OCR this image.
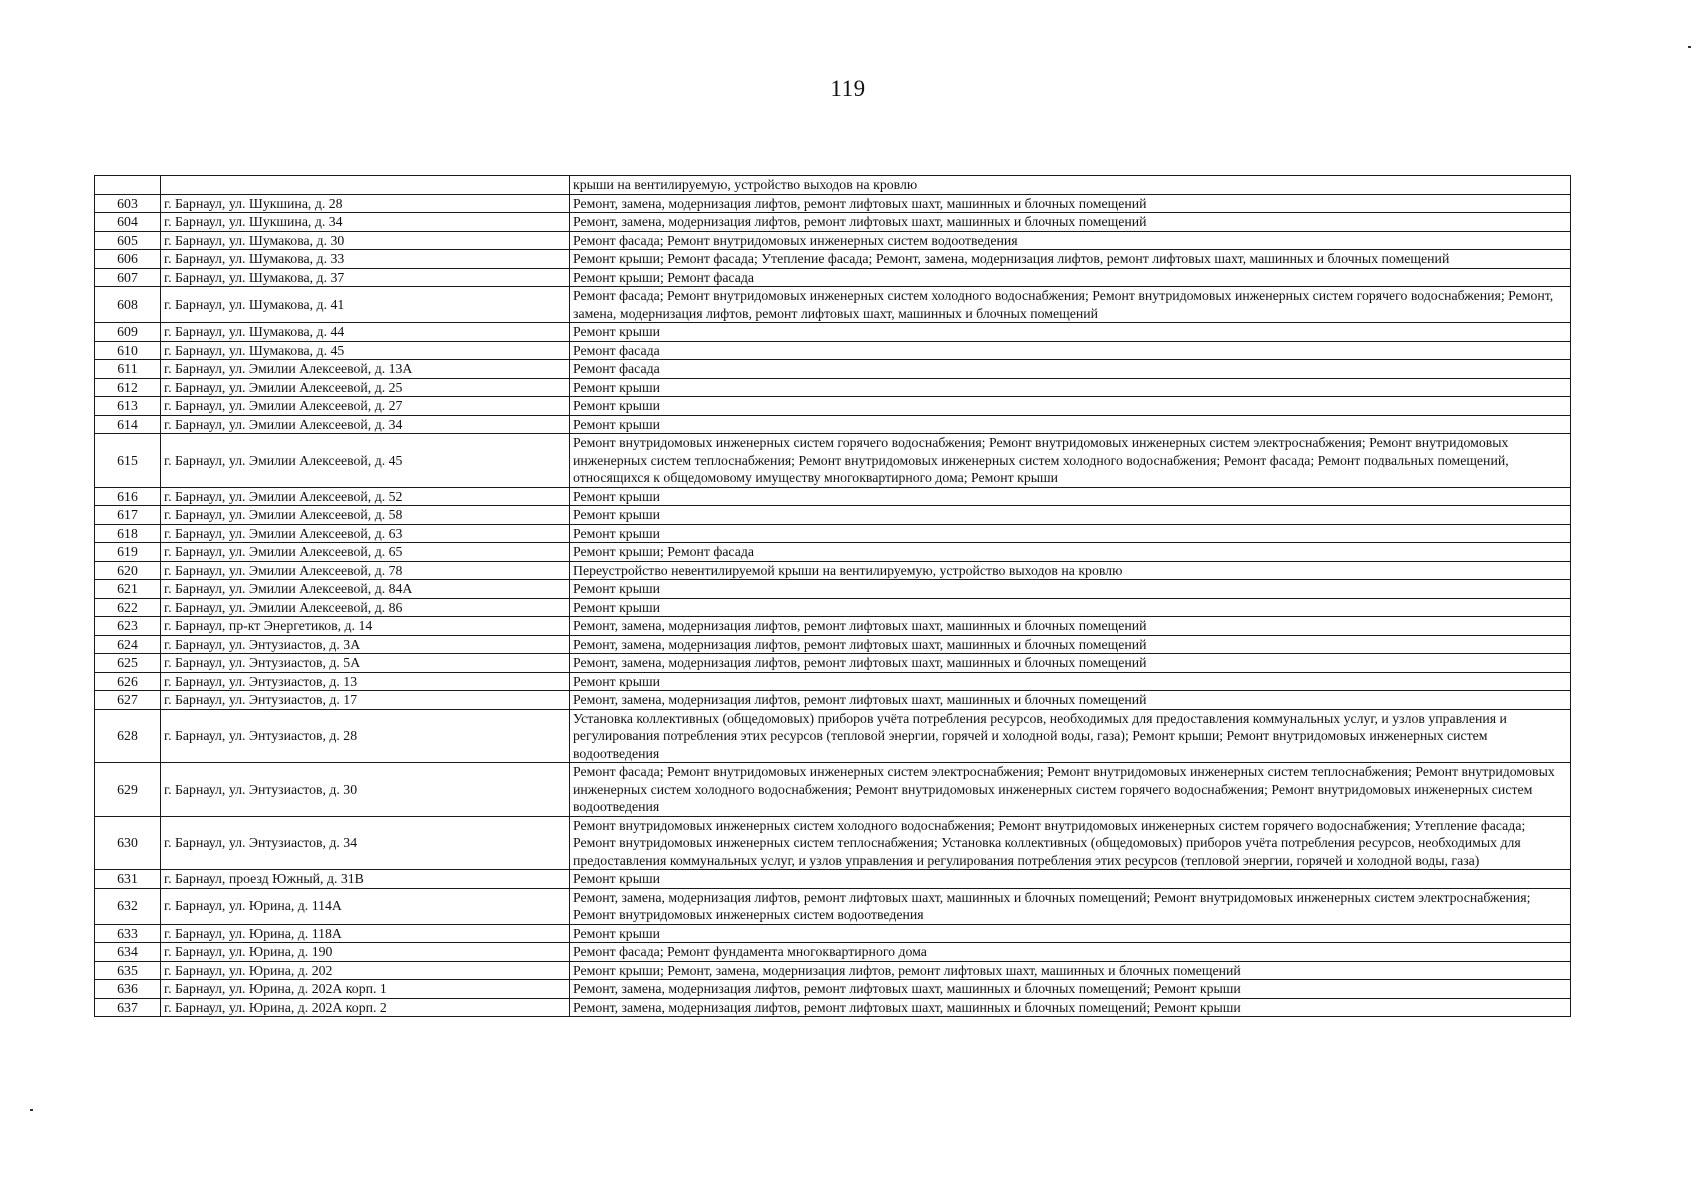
119
		крыши на вентилируемую, устройство выходов на кровлю
603	г. Барнаул, ул. Шукшина, д. 28	Ремонт, замена, модернизация лифтов, ремонт лифтовых шахт, машинных и блочных помещений
604	г. Барнаул, ул. Шукшина, д. 34	Ремонт, замена, модернизация лифтов, ремонт лифтовых шахт, машинных и блочных помещений
605	г. Барнаул, ул. Шумакова, д. 30	Ремонт фасада; Ремонт внутридомовых инженерных систем водоотведения
606	г. Барнаул, ул. Шумакова, д. 33	Ремонт крыши; Ремонт фасада; Утепление фасада; Ремонт, замена, модернизация лифтов, ремонт лифтовых шахт, машинных и блочных помещений
607	г. Барнаул, ул. Шумакова, д. 37	Ремонт крыши; Ремонт фасада
608	г. Барнаул, ул. Шумакова, д. 41	Ремонт фасада; Ремонт внутридомовых инженерных систем холодного водоснабжения; Ремонт внутридомовых инженерных систем горячего водоснабжения; Ремонт, замена, модернизация лифтов, ремонт лифтовых шахт, машинных и блочных помещений
609	г. Барнаул, ул. Шумакова, д. 44	Ремонт крыши
610	г. Барнаул, ул. Шумакова, д. 45	Ремонт фасада
611	г. Барнаул, ул. Эмилии Алексеевой, д. 13А	Ремонт фасада
612	г. Барнаул, ул. Эмилии Алексеевой, д. 25	Ремонт крыши
613	г. Барнаул, ул. Эмилии Алексеевой, д. 27	Ремонт крыши
614	г. Барнаул, ул. Эмилии Алексеевой, д. 34	Ремонт крыши
615	г. Барнаул, ул. Эмилии Алексеевой, д. 45	Ремонт внутридомовых инженерных систем горячего водоснабжения; Ремонт внутридомовых инженерных систем электроснабжения; Ремонт внутридомовых инженерных систем теплоснабжения; Ремонт внутридомовых инженерных систем холодного водоснабжения; Ремонт фасада; Ремонт подвальных помещений, относящихся к общедомовому имуществу многоквартирного дома; Ремонт крыши
616	г. Барнаул, ул. Эмилии Алексеевой, д. 52	Ремонт крыши
617	г. Барнаул, ул. Эмилии Алексеевой, д. 58	Ремонт крыши
618	г. Барнаул, ул. Эмилии Алексеевой, д. 63	Ремонт крыши
619	г. Барнаул, ул. Эмилии Алексеевой, д. 65	Ремонт крыши; Ремонт фасада
620	г. Барнаул, ул. Эмилии Алексеевой, д. 78	Переустройство невентилируемой крыши на вентилируемую, устройство выходов на кровлю
621	г. Барнаул, ул. Эмилии Алексеевой, д. 84А	Ремонт крыши
622	г. Барнаул, ул. Эмилии Алексеевой, д. 86	Ремонт крыши
623	г. Барнаул, пр-кт Энергетиков, д. 14	Ремонт, замена, модернизация лифтов, ремонт лифтовых шахт, машинных и блочных помещений
624	г. Барнаул, ул. Энтузиастов, д. 3А	Ремонт, замена, модернизация лифтов, ремонт лифтовых шахт, машинных и блочных помещений
625	г. Барнаул, ул. Энтузиастов, д. 5А	Ремонт, замена, модернизация лифтов, ремонт лифтовых шахт, машинных и блочных помещений
626	г. Барнаул, ул. Энтузиастов, д. 13	Ремонт крыши
627	г. Барнаул, ул. Энтузиастов, д. 17	Ремонт, замена, модернизация лифтов, ремонт лифтовых шахт, машинных и блочных помещений
628	г. Барнаул, ул. Энтузиастов, д. 28	Установка коллективных (общедомовых) приборов учёта потребления ресурсов, необходимых для предоставления коммунальных услуг, и узлов управления и регулирования потребления этих ресурсов (тепловой энергии, горячей и холодной воды, газа); Ремонт крыши; Ремонт внутридомовых инженерных систем водоотведения
629	г. Барнаул, ул. Энтузиастов, д. 30	Ремонт фасада; Ремонт внутридомовых инженерных систем электроснабжения; Ремонт внутридомовых инженерных систем теплоснабжения; Ремонт внутридомовых инженерных систем холодного водоснабжения; Ремонт внутридомовых инженерных систем горячего водоснабжения; Ремонт внутридомовых инженерных систем водоотведения
630	г. Барнаул, ул. Энтузиастов, д. 34	Ремонт внутридомовых инженерных систем холодного водоснабжения; Ремонт внутридомовых инженерных систем горячего водоснабжения; Утепление фасада; Ремонт внутридомовых инженерных систем теплоснабжения; Установка коллективных (общедомовых) приборов учёта потребления ресурсов, необходимых для предоставления коммунальных услуг, и узлов управления и регулирования потребления этих ресурсов (тепловой энергии, горячей и холодной воды, газа)
631	г. Барнаул, проезд Южный, д. 31В	Ремонт крыши
632	г. Барнаул, ул. Юрина, д. 114А	Ремонт, замена, модернизация лифтов, ремонт лифтовых шахт, машинных и блочных помещений; Ремонт внутридомовых инженерных систем электроснабжения; Ремонт внутридомовых инженерных систем водоотведения
633	г. Барнаул, ул. Юрина, д. 118А	Ремонт крыши
634	г. Барнаул, ул. Юрина, д. 190	Ремонт фасада; Ремонт фундамента многоквартирного дома
635	г. Барнаул, ул. Юрина, д. 202	Ремонт крыши; Ремонт, замена, модернизация лифтов, ремонт лифтовых шахт, машинных и блочных помещений
636	г. Барнаул, ул. Юрина, д. 202А корп. 1	Ремонт, замена, модернизация лифтов, ремонт лифтовых шахт, машинных и блочных помещений; Ремонт крыши
637	г. Барнаул, ул. Юрина, д. 202А корп. 2	Ремонт, замена, модернизация лифтов, ремонт лифтовых шахт, машинных и блочных помещений; Ремонт крыши
